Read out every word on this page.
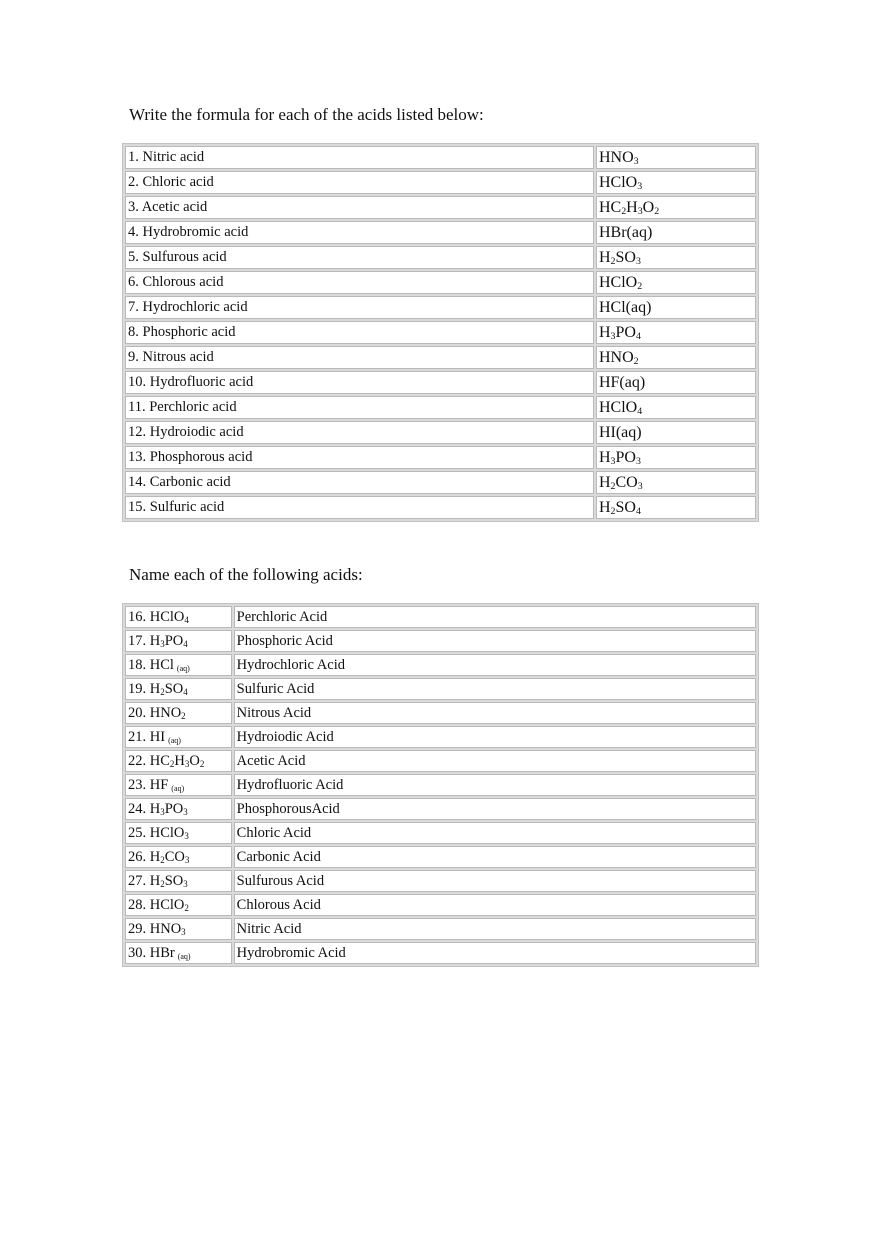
Write the formula for each of the acids listed below:
1. Nitric acid	$HNO_3$
2. Chloric acid	HClO$_3$
3. Acetic acid	$HC_2H_3O_2$
4. Hydrobromic acid	HBr(aq)
5. Sulfurous acid	$H_2SO_3$
6. Chlorous acid	HClO$_2$
7. Hydrochloric acid	HCl(aq)
8. Phosphoric acid	$H_3PO_4$
9. Nitrous acid	$HNO_2$
10. Hydrofluoric acid	HF(aq)
11. Perchloric acid	HClO$_4$
12. Hydroiodic acid	HI(aq)
13. Phosphorous acid	$H_3PO_3$
14. Carbonic acid	$H_2CO_3$
15. Sulfuric acid	$H_2SO_4$
Name each of the following acids:
16. HClO$_4$	Perchloric Acid
17. $H_3PO_4$	Phosphoric Acid
18. HCl $_{(aq)}$	Hydrochloric Acid
19. $H_2SO_4$	Sulfuric Acid
20. $HNO_2$	Nitrous Acid
21. HI $_{(aq)}$	Hydroiodic Acid
22. $HC_2H_3O_2$	Acetic Acid
23. HF $_{(aq)}$	Hydrofluoric Acid
24. $H_3PO_3$	PhosphorousAcid
25. HClO$_3$	Chloric Acid
26. $H_2CO_3$	Carbonic Acid
27. $H_2SO_3$	Sulfurous Acid
28. HClO$_2$	Chlorous Acid
29. $HNO_3$	Nitric Acid
30. HBr $_{(aq)}$	Hydrobromic Acid
